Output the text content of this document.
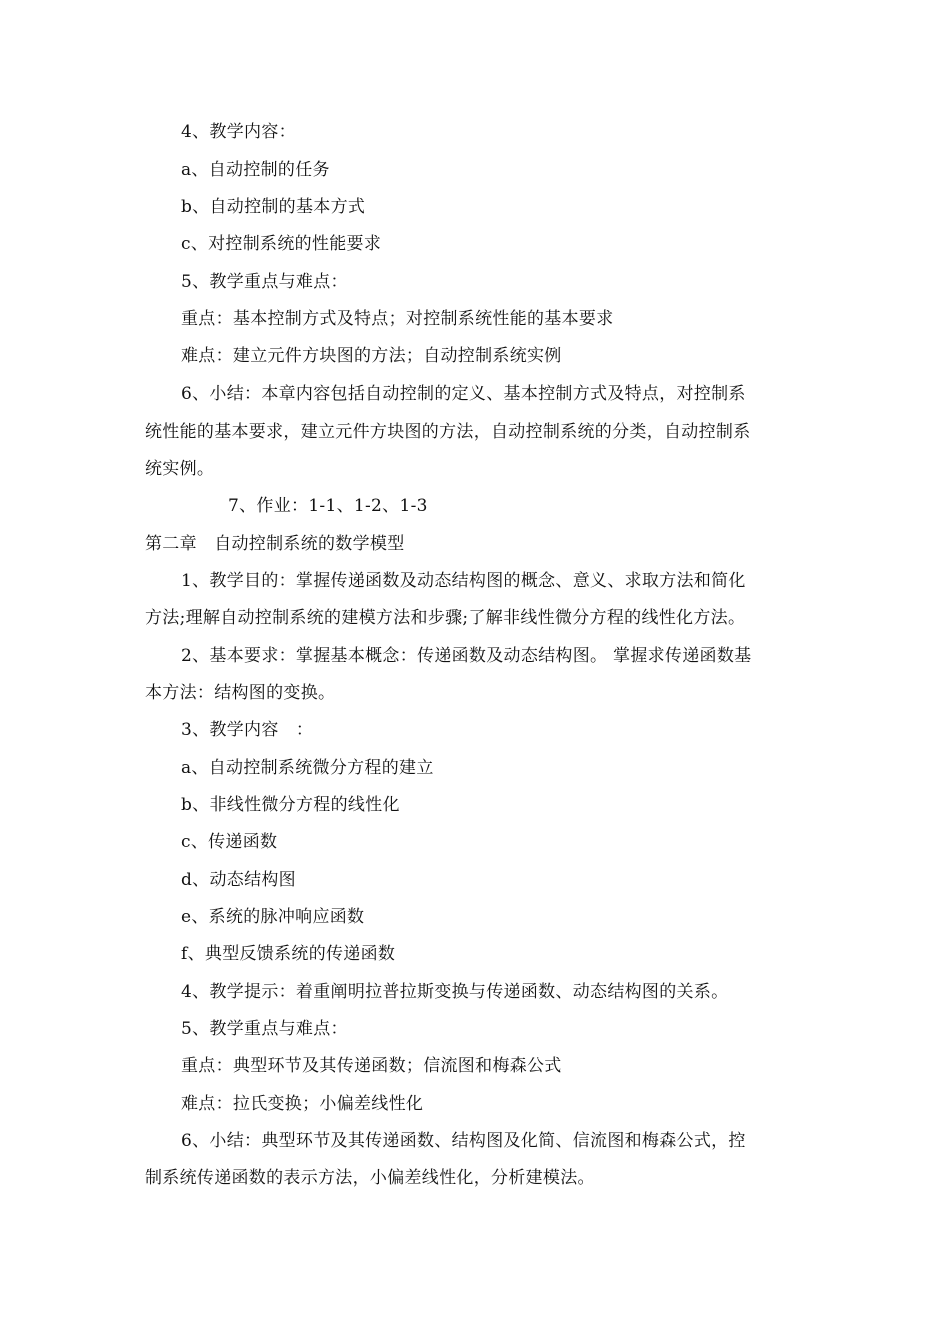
4、教学内容：
a、自动控制的任务
b、自动控制的基本方式
c、对控制系统的性能要求
5、教学重点与难点：
重点：基本控制方式及特点；对控制系统性能的基本要求
难点：建立元件方块图的方法；自动控制系统实例
6、小结：本章内容包括自动控制的定义、基本控制方式及特点，对控制系
统性能的基本要求，建立元件方块图的方法，自动控制系统的分类，自动控制系
统实例。
7、作业：1-1、1-2、1-3
第二章　自动控制系统的数学模型
1、教学目的：掌握传递函数及动态结构图的概念、意义、求取方法和简化
方法;理解自动控制系统的建模方法和步骤;了解非线性微分方程的线性化方法。
2、基本要求：掌握基本概念：传递函数及动态结构图。 掌握求传递函数基
本方法：结构图的变换。
3、教学内容　：
a、自动控制系统微分方程的建立
b、非线性微分方程的线性化
c、传递函数
d、动态结构图
e、系统的脉冲响应函数
f、典型反馈系统的传递函数
4、教学提示：着重阐明拉普拉斯变换与传递函数、动态结构图的关系。
5、教学重点与难点：
重点：典型环节及其传递函数；信流图和梅森公式
难点：拉氏变换；小偏差线性化
6、小结：典型环节及其传递函数、结构图及化简、信流图和梅森公式，控
制系统传递函数的表示方法，小偏差线性化，分析建模法。
